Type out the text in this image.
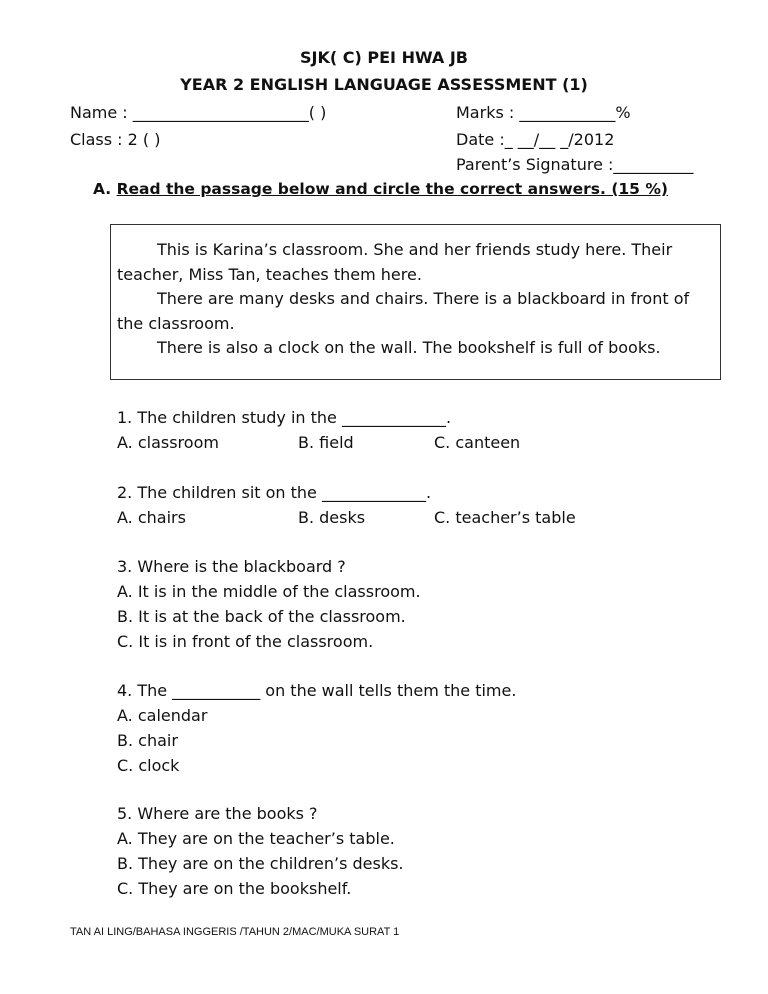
SJK( C) PEI HWA JB
YEAR 2 ENGLISH LANGUAGE ASSESSMENT (1)
Name : ______________________( )	Marks : ____________%
Class : 2 ( )	Date :_ __/__ _/2012
Parent’s Signature :__________
A. Read the passage below and circle the correct answers. (15 %)

This is Karina’s classroom. She and her friends study here. Their

teacher, Miss Tan, teaches them here.

There are many desks and chairs. There is a blackboard in front of

the classroom.

There is also a clock on the wall. The bookshelf is full of books.

1. The children study in the _____________.
A. classroom	B. field	C. canteen
2. The children sit on the _____________.
A. chairs	B. desks	C. teacher’s table
3. Where is the blackboard ?
A. It is in the middle of the classroom.
B. It is at the back of the classroom.
C. It is in front of the classroom.
4. The ___________ on the wall tells them the time.
A. calendar
B. chair
C. clock
5. Where are the books ?
A. They are on the teacher’s table.
B. They are on the children’s desks.
C. They are on the bookshelf.
TAN AI LING/BAHASA INGGERIS /TAHUN 2/MAC/MUKA SURAT 1
